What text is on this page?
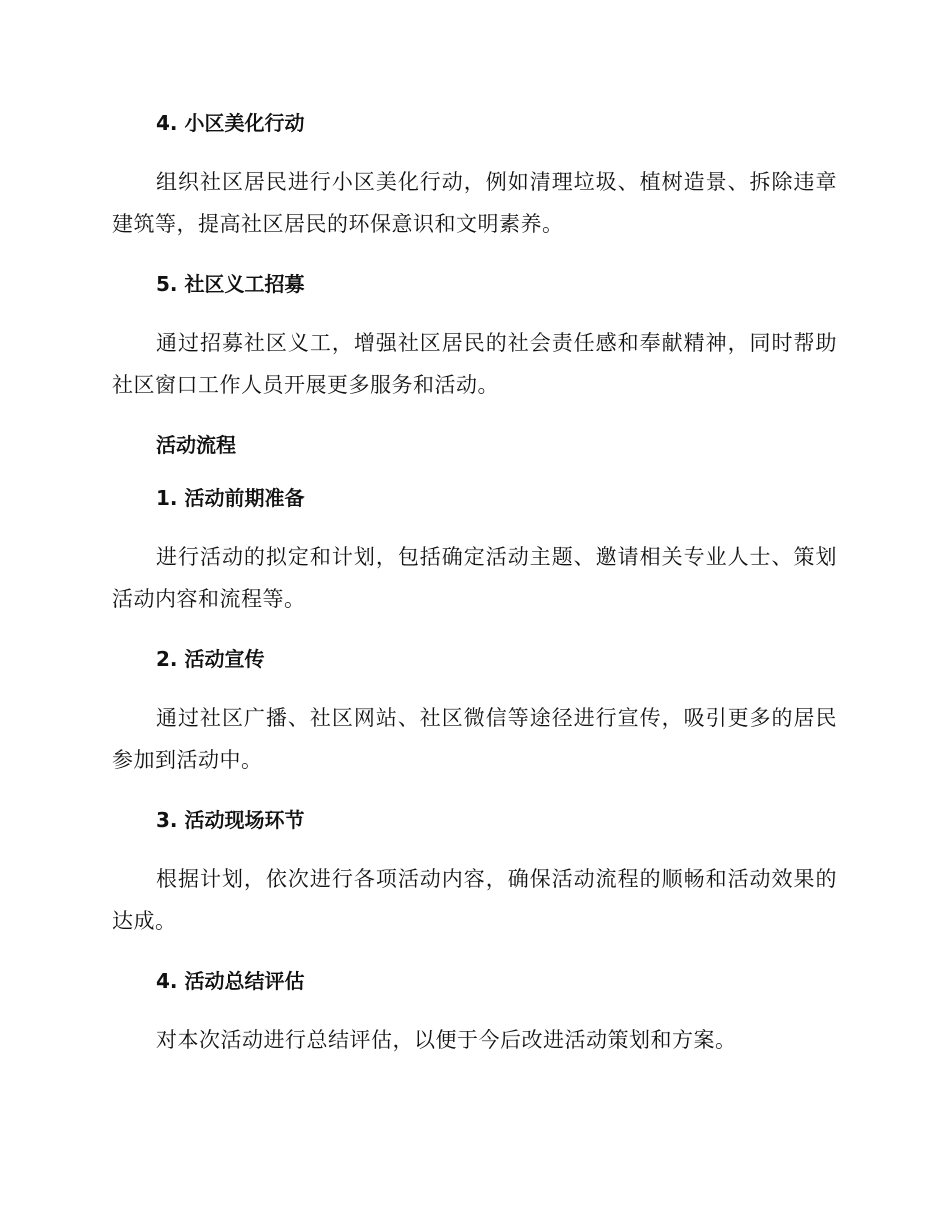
4. 小区美化行动
组织社区居民进行小区美化行动，例如清理垃圾、植树造景、拆除违章建筑等，提高社区居民的环保意识和文明素养。
5. 社区义工招募
通过招募社区义工，增强社区居民的社会责任感和奉献精神，同时帮助社区窗口工作人员开展更多服务和活动。
活动流程
1. 活动前期准备
进行活动的拟定和计划，包括确定活动主题、邀请相关专业人士、策划活动内容和流程等。
2. 活动宣传
通过社区广播、社区网站、社区微信等途径进行宣传，吸引更多的居民参加到活动中。
3. 活动现场环节
根据计划，依次进行各项活动内容，确保活动流程的顺畅和活动效果的达成。
4. 活动总结评估
对本次活动进行总结评估，以便于今后改进活动策划和方案。
